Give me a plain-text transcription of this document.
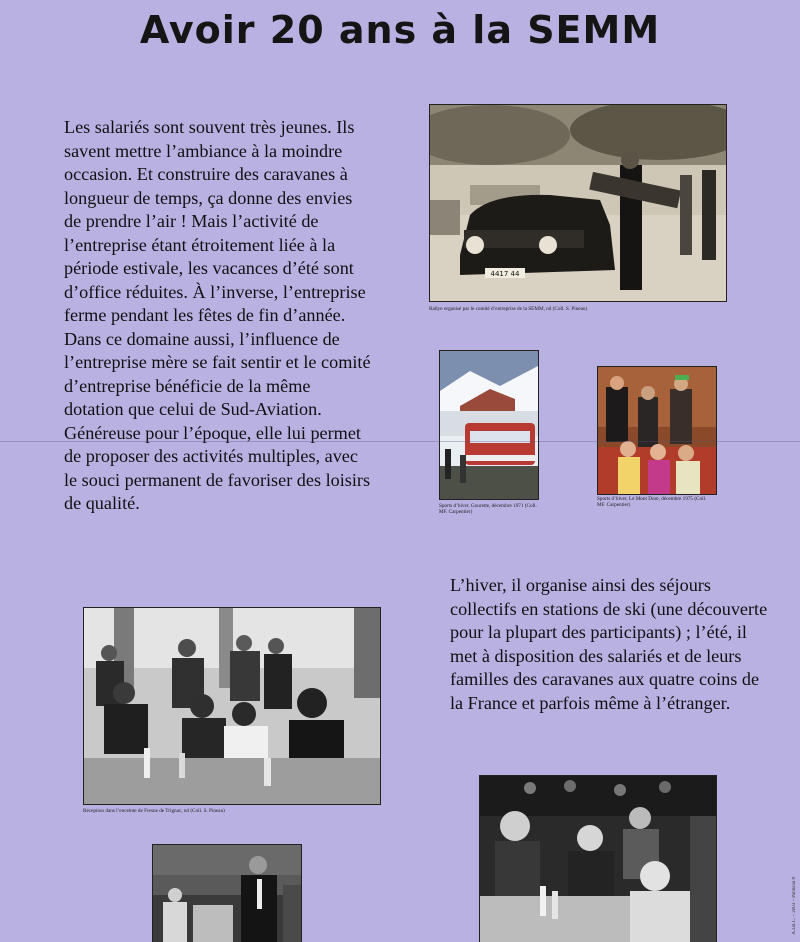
Avoir 20 ans à la SEMM
Les salariés sont souvent très jeunes. Ils savent mettre l’ambiance à la moindre occasion. Et construire des caravanes à longueur de temps, ça donne des envies de prendre l’air ! Mais l’activité de l’entreprise étant étroitement liée à la période estivale, les vacances d’été sont d’office réduites. À l’inverse, l’entreprise ferme pendant les fêtes de fin d’année. Dans ce domaine aussi, l’influence de l’entreprise mère se fait sentir et le comité d’entreprise bénéficie de la même dotation que celui de Sud-Aviation. Généreuse pour l’époque, elle lui permet de proposer des activités multiples, avec le souci permanent de favoriser des loisirs de qualité.
L’hiver, il organise ainsi des séjours collectifs en stations de ski (une découverte pour la plupart des participants) ; l’été, il met à disposition des salariés et de leurs familles des caravanes aux quatre coins de la France et parfois même à l’étranger.
4417 44
Rallye organisé par le comité d’entreprise de la SEMM, nd (Coll. S. Pineau)
Sports d’hiver, Gourette, décembre 1971 (Coll. MF. Carpentier)
Sports d’hiver, Le Mont Dore, décembre 1975 (Coll. MF. Carpentier)
Réception dans l’enceinte de Fresne de Trignac, nd (Coll. S. Pineau)
A.I.R.C. – 2003 – Panneau 8
